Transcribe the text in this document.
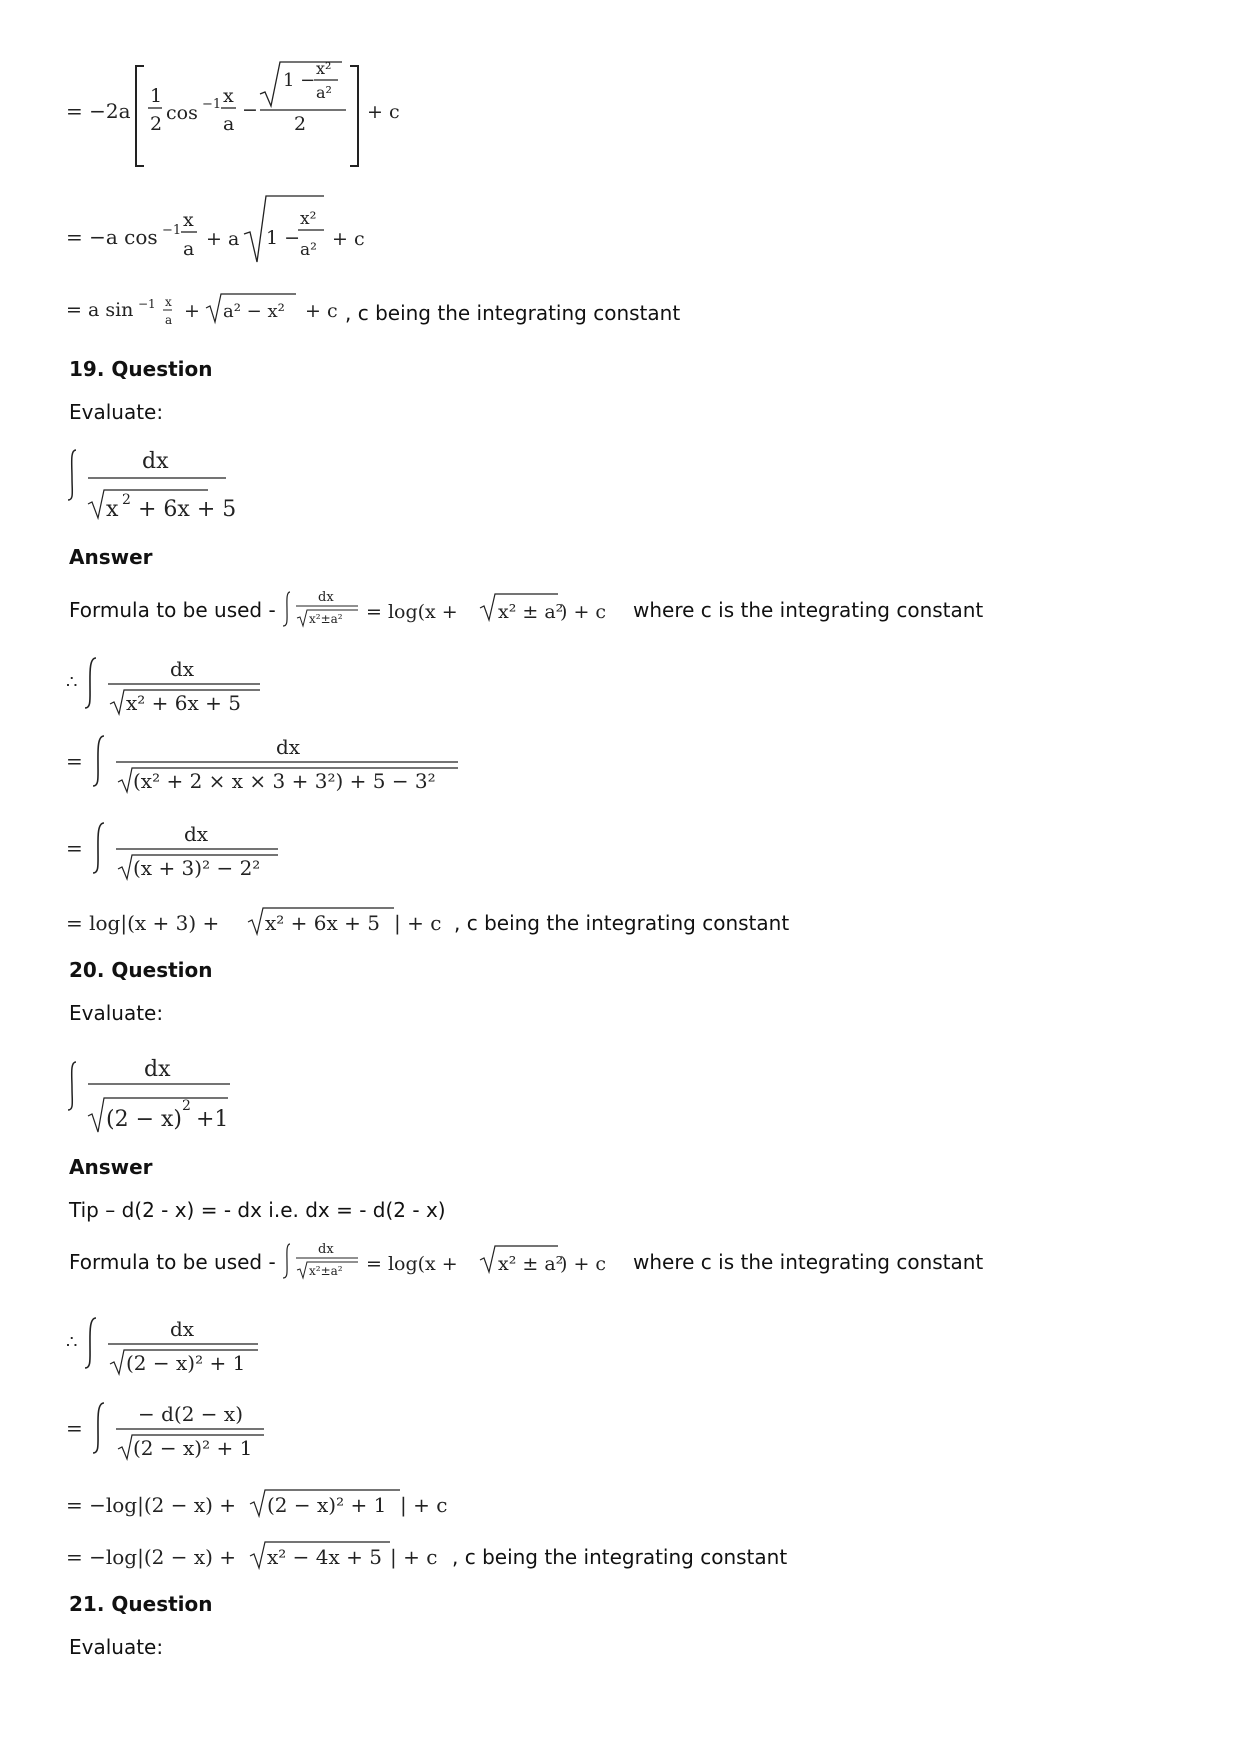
= −2a
1
2 cos −1 x
a
−
1 −
x²
a²
2
+ c
= −a cos −1 x
a + a 1 −
x²
a² + c
= a sin −1 x
a + a² − x² + c , c being the integrating constant
19. Question
Evaluate:
dx
x 2 + 6x + 5
Answer
Formula to be used -
dx
x²±a² = log(x + x² ± a²
) + c where c is the integrating constant
∴
dx
x² + 6x + 5
=
dx
(x² + 2 × x × 3 + 3²) + 5 − 3²
=
dx
(x + 3)² − 2²
= log|(x + 3) + x² + 6x + 5 | + c , c being the integrating constant
20. Question
Evaluate:
dx
(2 − x)
2
+1
Answer
Tip – d(2 - x) = - dx i.e. dx = - d(2 - x)
Formula to be used -
dx
x²±a² = log(x + x² ± a²
) + c where c is the integrating constant
∴
dx
(2 − x)² + 1
=
− d(2 − x)
(2 − x)² + 1
= −log|(2 − x) + (2 − x)² + 1 | + c
= −log|(2 − x) + x² − 4x + 5 | + c , c being the integrating constant
21. Question
Evaluate:
